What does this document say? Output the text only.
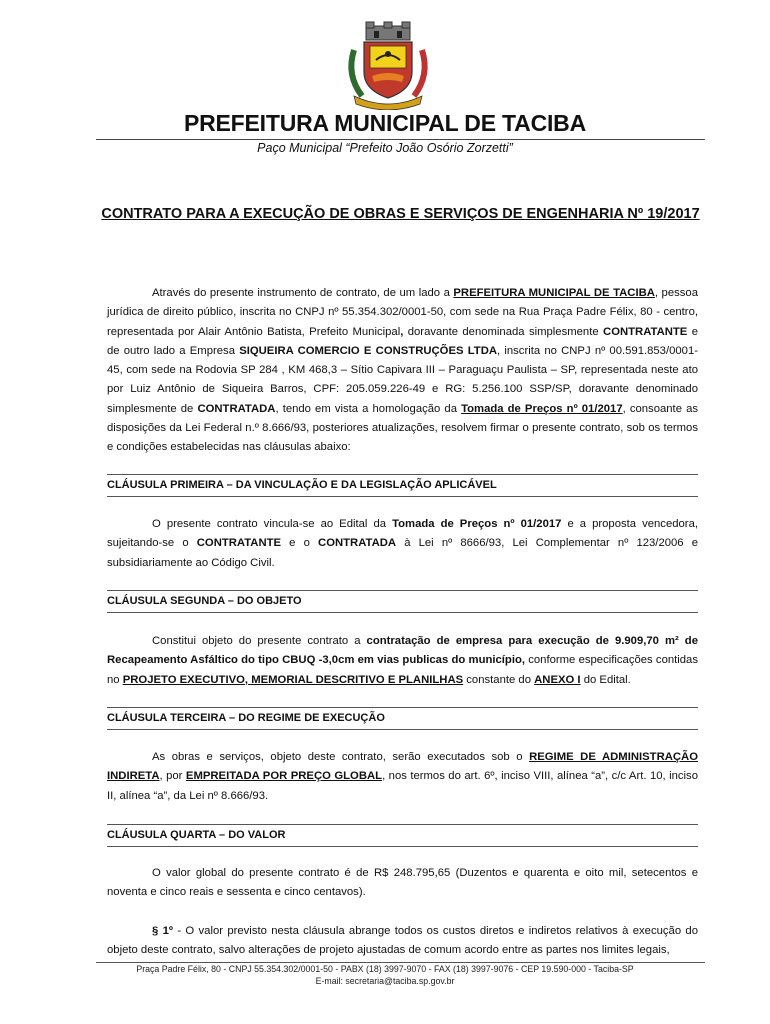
PREFEITURA MUNICIPAL DE TACIBA
Paço Municipal “Prefeito João Osório Zorzetti”
CONTRATO PARA A EXECUÇÃO DE OBRAS E SERVIÇOS DE ENGENHARIA Nº 19/2017

Através do presente instrumento de contrato, de um lado a PREFEITURA MUNICIPAL DE TACIBA, pessoa jurídica de direito público, inscrita no CNPJ nº 55.354.302/0001-50, com sede na Rua Praça Padre Félix, 80 - centro, representada por Alair Antônio Batista, Prefeito Municipal, doravante denominada simplesmente CONTRATANTE e de outro lado a Empresa SIQUEIRA COMERCIO E CONSTRUÇÕES LTDA, inscrita no CNPJ nº 00.591.853/0001-45, com sede na Rodovia SP 284 , KM 468,3 – Sítio Capivara III – Paraguaçu Paulista – SP, representada neste ato por Luiz Antônio de Siqueira Barros, CPF: 205.059.226-49 e RG: 5.256.100 SSP/SP, doravante denominado simplesmente de CONTRATADA, tendo em vista a homologação da Tomada de Preços nº 01/2017, consoante as disposições da Lei Federal n.º 8.666/93, posteriores atualizações, resolvem firmar o presente contrato, sob os termos e condições estabelecidas nas cláusulas abaixo:

CLÁUSULA PRIMEIRA – DA VINCULAÇÃO E DA LEGISLAÇÃO APLICÁVEL

O presente contrato vincula-se ao Edital da Tomada de Preços nº 01/2017 e a proposta vencedora, sujeitando-se o CONTRATANTE e o CONTRATADA à Lei nº 8666/93, Lei Complementar nº 123/2006 e subsidiariamente ao Código Civil.

CLÁUSULA SEGUNDA – DO OBJETO

Constitui objeto do presente contrato a contratação de empresa para execução de 9.909,70 m² de Recapeamento Asfáltico do tipo CBUQ -3,0cm em vias publicas do município, conforme especificações contidas no PROJETO EXECUTIVO, MEMORIAL DESCRITIVO E PLANILHAS constante do ANEXO I do Edital.

CLÁUSULA TERCEIRA – DO REGIME DE EXECUÇÃO

As obras e serviços, objeto deste contrato, serão executados sob o REGIME DE ADMINISTRAÇÃO INDIRETA, por EMPREITADA POR PREÇO GLOBAL, nos termos do art. 6º, inciso VIII, alínea “a”, c/c Art. 10, inciso II, alínea “a”, da Lei nº 8.666/93.

CLÁUSULA QUARTA – DO VALOR

O valor global do presente contrato é de R$ 248.795,65 (Duzentos e quarenta e oito mil, setecentos e noventa e cinco reais e sessenta e cinco centavos).

§ 1º - O valor previsto nesta cláusula abrange todos os custos diretos e indiretos relativos à execução do objeto deste contrato, salvo alterações de projeto ajustadas de comum acordo entre as partes nos limites legais,

Praça Padre Félix, 80 - CNPJ 55.354.302/0001-50 - PABX (18) 3997-9070 - FAX (18) 3997-9076 - CEP 19.590-000 - Taciba-SP
E-mail: secretaria@taciba.sp.gov.br
